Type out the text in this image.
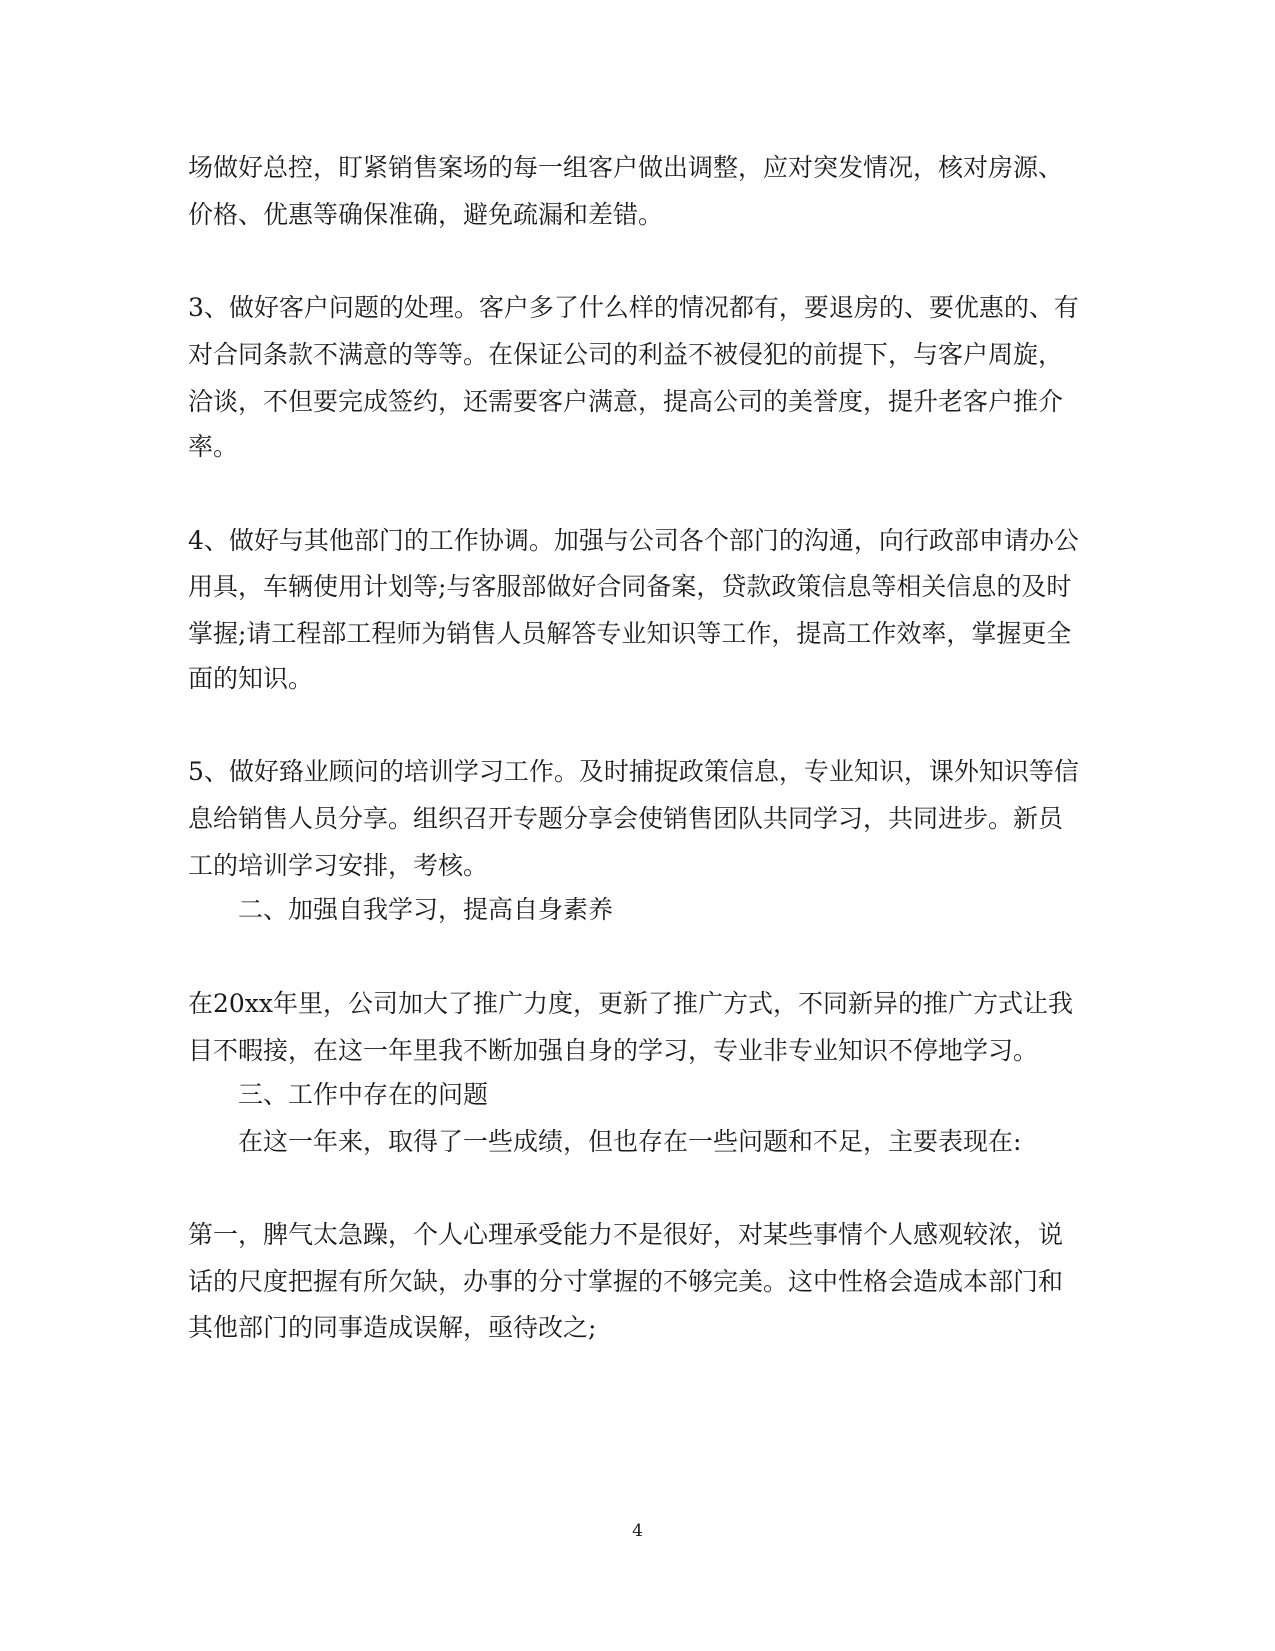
场做好总控，盯紧销售案场的每一组客户做出调整，应对突发情况，核对房源、

价格、优惠等确保准确，避免疏漏和差错。

3、做好客户问题的处理。客户多了什么样的情况都有，要退房的、要优惠的、有

对合同条款不满意的等等。在保证公司的利益不被侵犯的前提下，与客户周旋，

洽谈，不但要完成签约，还需要客户满意，提高公司的美誉度，提升老客户推介

率。

4、做好与其他部门的工作协调。加强与公司各个部门的沟通，向行政部申请办公

用具，车辆使用计划等;与客服部做好合同备案，贷款政策信息等相关信息的及时

掌握;请工程部工程师为销售人员解答专业知识等工作，提高工作效率，掌握更全

面的知识。

5、做好臵业顾问的培训学习工作。及时捕捉政策信息，专业知识，课外知识等信

息给销售人员分享。组织召开专题分享会使销售团队共同学习，共同进步。新员

工的培训学习安排，考核。

二、加强自我学习，提高自身素养

在20xx年里，公司加大了推广力度，更新了推广方式，不同新异的推广方式让我

目不暇接，在这一年里我不断加强自身的学习，专业非专业知识不停地学习。

三、工作中存在的问题

在这一年来，取得了一些成绩，但也存在一些问题和不足，主要表现在:

第一，脾气太急躁，个人心理承受能力不是很好，对某些事情个人感观较浓，说

话的尺度把握有所欠缺，办事的分寸掌握的不够完美。这中性格会造成本部门和

其他部门的同事造成误解，亟待改之;

4
